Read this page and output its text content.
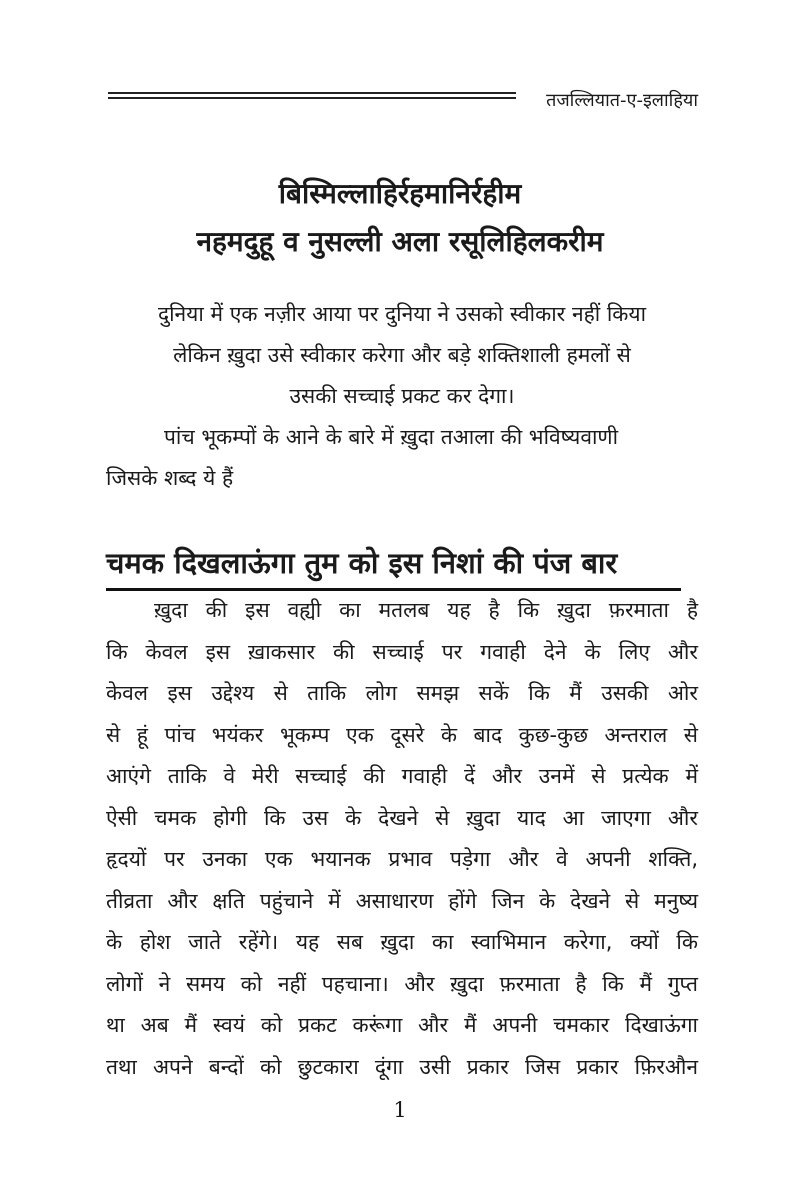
तजल्लियात-ए-इलाहिया
बिस्मिल्लाहिर्रहमानिर्रहीम
नहमदुहू व नुसल्ली अला रसूलिहिलकरीम
दुनिया में एक नज़ीर आया पर दुनिया ने उसको स्वीकार नहीं किया
लेकिन ख़ुदा उसे स्वीकार करेगा और बड़े शक्तिशाली हमलों से
उसकी सच्चाई प्रकट कर देगा।
पांच भूकम्पों के आने के बारे में ख़ुदा तआला की भविष्यवाणी
जिसके शब्द ये हैं
चमक दिखलाऊंगा तुम को इस निशां की पंज बार
ख़ुदा की इस वह्यी का मतलब यह है कि ख़ुदा फ़रमाता है
कि केवल इस ख़ाकसार की सच्चाई पर गवाही देने के लिए और
केवल इस उद्देश्य से ताकि लोग समझ सकें कि मैं उसकी ओर
से हूं पांच भयंकर भूकम्प एक दूसरे के बाद कुछ-कुछ अन्तराल से
आएंगे ताकि वे मेरी सच्चाई की गवाही दें और उनमें से प्रत्येक में
ऐसी चमक होगी कि उस के देखने से ख़ुदा याद आ जाएगा और
हृदयों पर उनका एक भयानक प्रभाव पड़ेगा और वे अपनी शक्ति,
तीव्रता और क्षति पहुंचाने में असाधारण होंगे जिन के देखने से मनुष्य
के होश जाते रहेंगे। यह सब ख़ुदा का स्वाभिमान करेगा, क्यों कि
लोगों ने समय को नहीं पहचाना। और ख़ुदा फ़रमाता है कि मैं गुप्त
था अब मैं स्वयं को प्रकट करूंगा और मैं अपनी चमकार दिखाऊंगा
तथा अपने बन्दों को छुटकारा दूंगा उसी प्रकार जिस प्रकार फ़िरऔन
1
